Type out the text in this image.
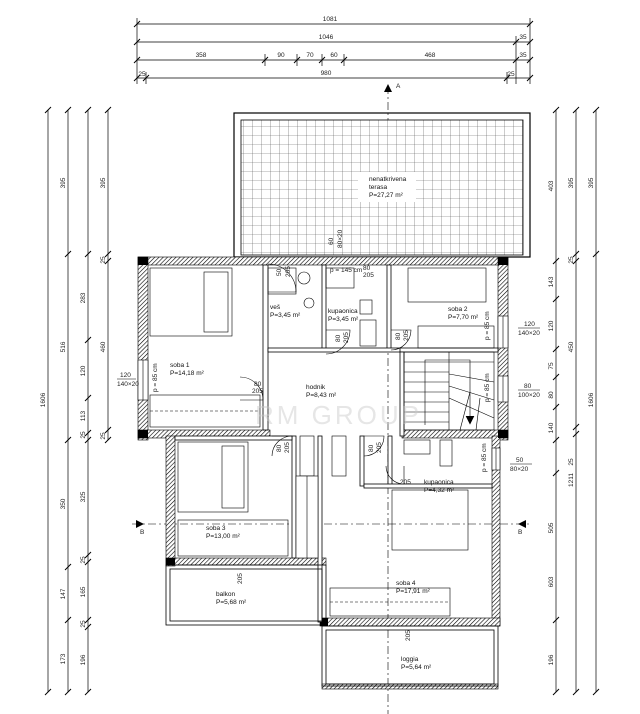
1081
1046	35
358	90	70	60	468	35
25	980	25
A
B	B
1606
395
516
350
147
173
283
120
113
25
325
25
165
25
196
395
25
460
25
403
143
120
75
80
140
505
603
196
395
25
450
25
1211
395
1606
nenatkrivena
terasa
P=27,27 m²
120
140×20
120
140×20
80
100×20
50
80×20
60 80×20
50 205	80
205
80 205	80 205
80
205
80 205	80 205
205
205
205
p = 145 cm
p = 85 cm
p = 85 cm
p = 85 cm
p = 85 cm
RM GROUP
soba 1
P=14,18 m²
veš
P=3,45 m²
kupaonica
P=3,45 m²
soba 2
P=7,70 m²
hodnik
P=8,43 m²
kupaonica
P=4,32 m²
soba 3
P=13,00 m²
balkon
P=5,68 m²
soba 4
P=17,91 m²
loggia
P=5,64 m²
